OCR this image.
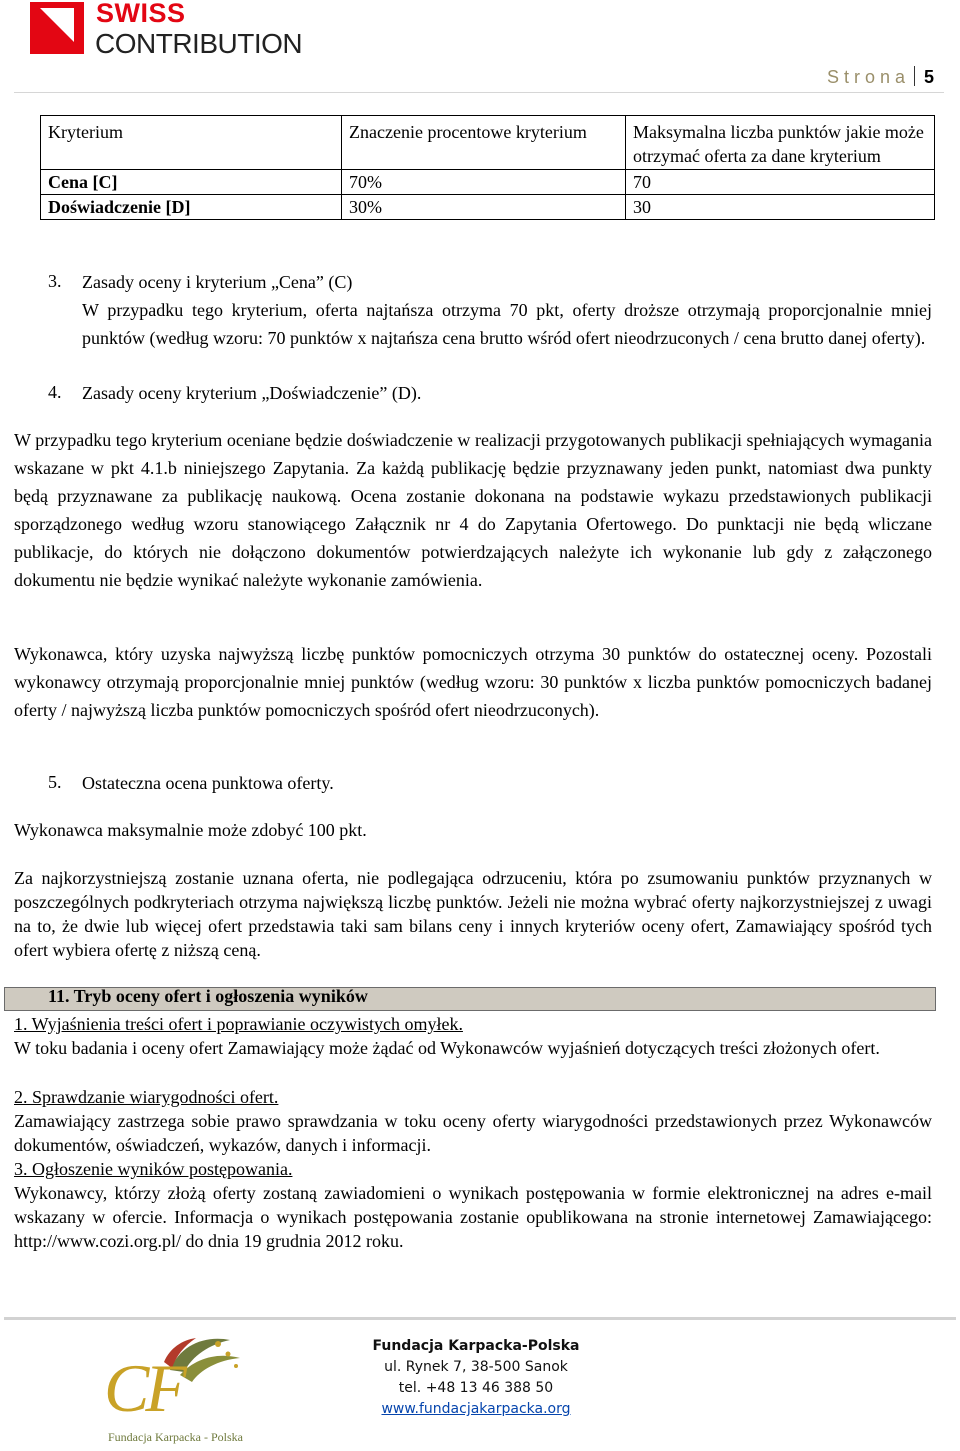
SWISS
CONTRIBUTION
Strona 5
Kryterium	Znaczenie procentowe kryterium	Maksymalna liczba punktów jakie może otrzymać oferta za dane kryterium
Cena [C]	70%	70
Doświadczenie [D]	30%	30
3. Zasady oceny i kryterium „Cena” (C)
W przypadku tego kryterium, oferta najtańsza otrzyma 70 pkt, oferty droższe otrzymają proporcjonalnie mniej punktów (według wzoru: 70 punktów x najtańsza cena brutto wśród ofert nieodrzuconych / cena brutto danej oferty).
4. Zasady oceny kryterium „Doświadczenie” (D).
W przypadku tego kryterium oceniane będzie doświadczenie w realizacji przygotowanych publikacji spełniających wymagania wskazane w pkt 4.1.b niniejszego Zapytania. Za każdą publikację będzie przyznawany jeden punkt, natomiast dwa punkty będą przyznawane za publikację naukową. Ocena zostanie dokonana na podstawie wykazu przedstawionych publikacji sporządzonego według wzoru stanowiącego Załącznik nr 4 do Zapytania Ofertowego. Do punktacji nie będą wliczane publikacje, do których nie dołączono dokumentów potwierdzających należyte ich wykonanie lub gdy z załączonego dokumentu nie będzie wynikać należyte wykonanie zamówienia.
Wykonawca, który uzyska najwyższą liczbę punktów pomocniczych otrzyma 30 punktów do ostatecznej oceny. Pozostali wykonawcy otrzymają proporcjonalnie mniej punktów (według wzoru: 30 punktów x liczba punktów pomocniczych badanej oferty / najwyższą liczba punktów pomocniczych spośród ofert nieodrzuconych).
5. Ostateczna ocena punktowa oferty.
Wykonawca maksymalnie może zdobyć 100 pkt.
Za najkorzystniejszą zostanie uznana oferta, nie podlegająca odrzuceniu, która po zsumowaniu punktów przyznanych w poszczególnych podkryteriach otrzyma największą liczbę punktów. Jeżeli nie można wybrać oferty najkorzystniejszej z uwagi na to, że dwie lub więcej ofert przedstawia taki sam bilans ceny i innych kryteriów oceny ofert, Zamawiający spośród tych ofert wybiera ofertę z niższą ceną.
11. Tryb oceny ofert i ogłoszenia wyników
1. Wyjaśnienia treści ofert i poprawianie oczywistych omyłek.
W toku badania i oceny ofert Zamawiający może żądać od Wykonawców wyjaśnień dotyczących treści złożonych ofert.
2. Sprawdzanie wiarygodności ofert.
Zamawiający zastrzega sobie prawo sprawdzania w toku oceny oferty wiarygodności przedstawionych przez Wykonawców dokumentów, oświadczeń, wykazów, danych i informacji.
3. Ogłoszenie wyników postępowania.
Wykonawcy, którzy złożą oferty zostaną zawiadomieni o wynikach postępowania w formie elektronicznej na adres e-mail wskazany w ofercie. Informacja o wynikach postępowania zostanie opublikowana na stronie internetowej Zamawiającego: http://www.cozi.org.pl/ do dnia 19 grudnia 2012 roku.
CF
Fundacja Karpacka - Polska
Fundacja Karpacka-Polska
ul. Rynek 7, 38-500 Sanok
tel. +48 13 46 388 50
www.fundacjakarpacka.org
